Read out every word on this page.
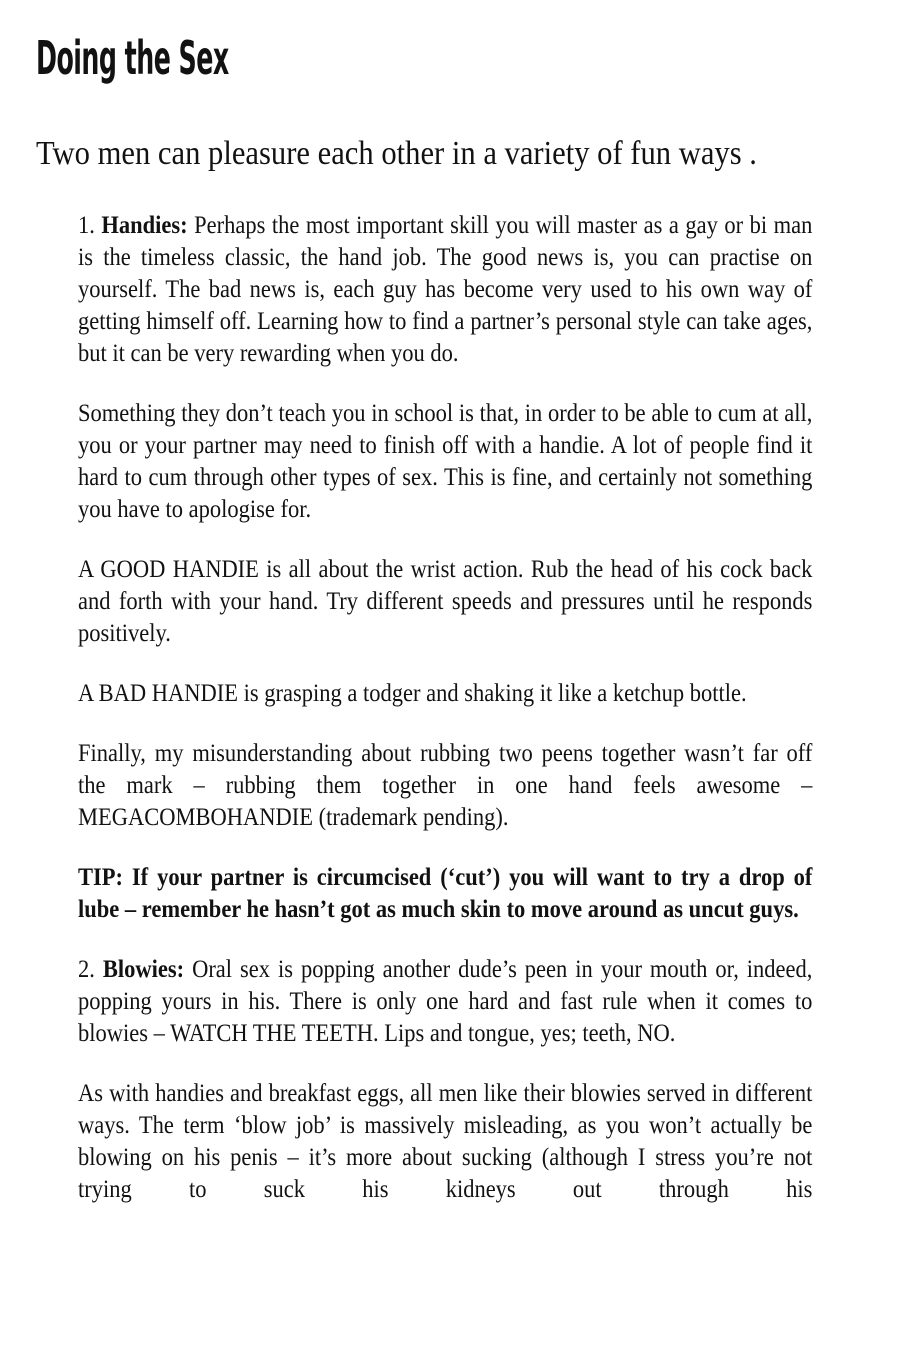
Doing the Sex
Two men can pleasure each other in a variety of fun ways .

1. Handies: Perhaps the most important skill you will master as a gay or bi man is the timeless classic, the hand job. The good news is, you can practise on yourself. The bad news is, each guy has become very used to his own way of getting himself off. Learning how to find a partner’s personal style can take ages, but it can be very rewarding when you do.

Something they don’t teach you in school is that, in order to be able to cum at all, you or your partner may need to finish off with a handie. A lot of people find it hard to cum through other types of sex. This is fine, and certainly not something you have to apologise for.

A GOOD HANDIE is all about the wrist action. Rub the head of his cock back and forth with your hand. Try different speeds and pressures until he responds positively.

A BAD HANDIE is grasping a todger and shaking it like a ketchup bottle.

Finally, my misunderstanding about rubbing two peens together wasn’t far off the mark – rubbing them together in one hand feels awesome – MEGACOMBOHANDIE (trademark pending).

TIP: If your partner is circumcised (‘cut’) you will want to try a drop of lube – remember he hasn’t got as much skin to move around as uncut guys.

2. Blowies: Oral sex is popping another dude’s peen in your mouth or, indeed, popping yours in his. There is only one hard and fast rule when it comes to blowies – WATCH THE TEETH. Lips and tongue, yes; teeth, NO.

As with handies and breakfast eggs, all men like their blowies served in different ways. The term ‘blow job’ is massively misleading, as you won’t actually be blowing on his penis – it’s more about sucking (although I stress you’re not trying to suck his kidneys out through his
